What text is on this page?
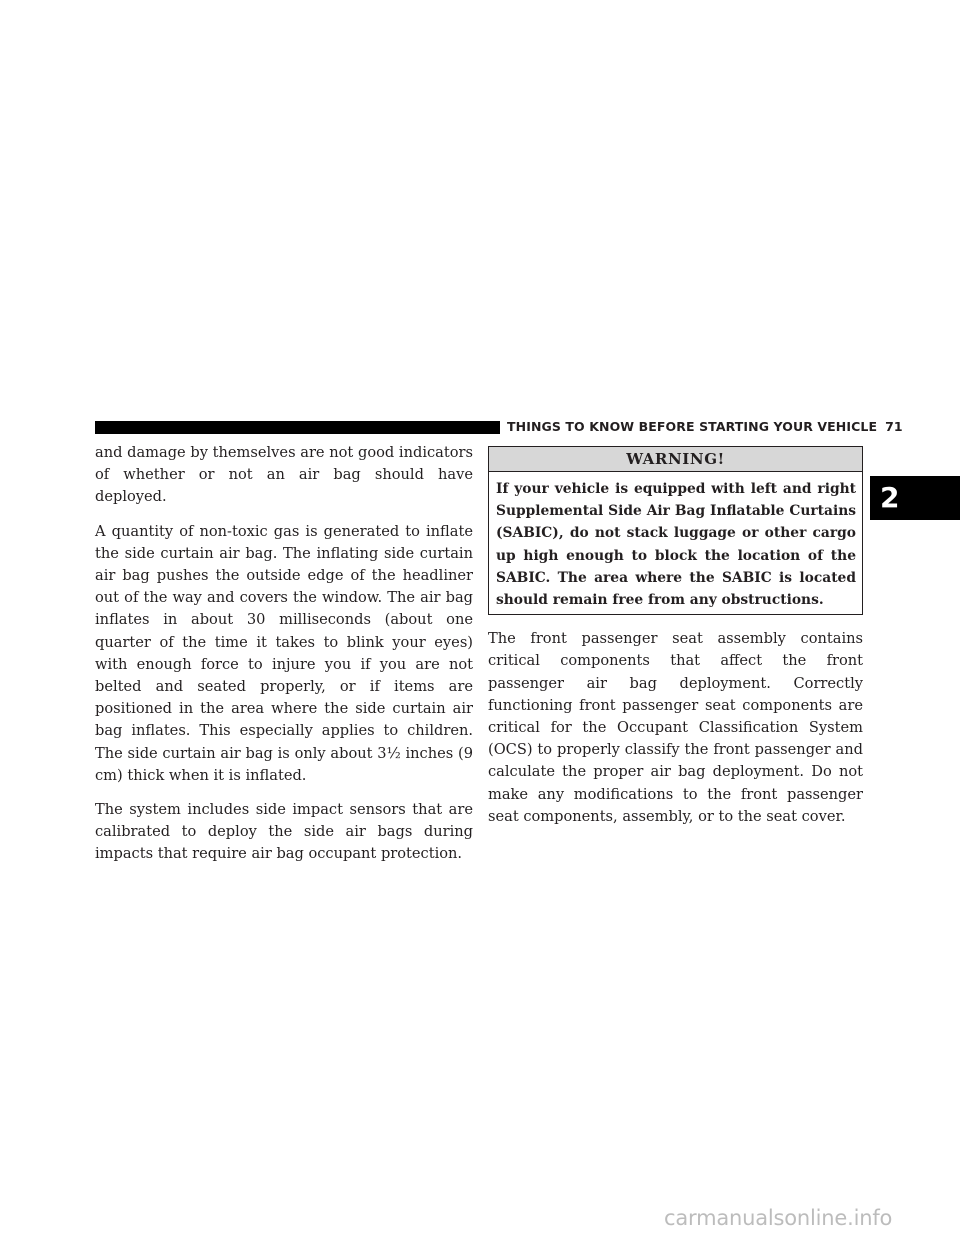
THINGS TO KNOW BEFORE STARTING YOUR VEHICLE 71
2

and damage by themselves are not good indicators of whether or not an air bag should have deployed.

A quantity of non-toxic gas is generated to inflate the side curtain air bag. The inflating side curtain air bag pushes the outside edge of the headliner out of the way and covers the window. The air bag inflates in about 30 milliseconds (about one quarter of the time it takes to blink your eyes) with enough force to injure you if you are not belted and seated properly, or if items are positioned in the area where the side curtain air bag inflates. This especially applies to children. The side curtain air bag is only about 3½ inches (9 cm) thick when it is inflated.

The system includes side impact sensors that are calibrated to deploy the side air bags during impacts that require air bag occupant protection.

WARNING!
If your vehicle is equipped with left and right Supplemental Side Air Bag Inflatable Curtains (SABIC), do not stack luggage or other cargo up high enough to block the location of the SABIC. The area where the SABIC is located should remain free from any obstructions.

The front passenger seat assembly contains critical components that affect the front passenger air bag deployment. Correctly functioning front passenger seat components are critical for the Occupant Classification System (OCS) to properly classify the front passenger and calculate the proper air bag deployment. Do not make any modifications to the front passenger seat components, assembly, or to the seat cover.

carmanualsonline.info
